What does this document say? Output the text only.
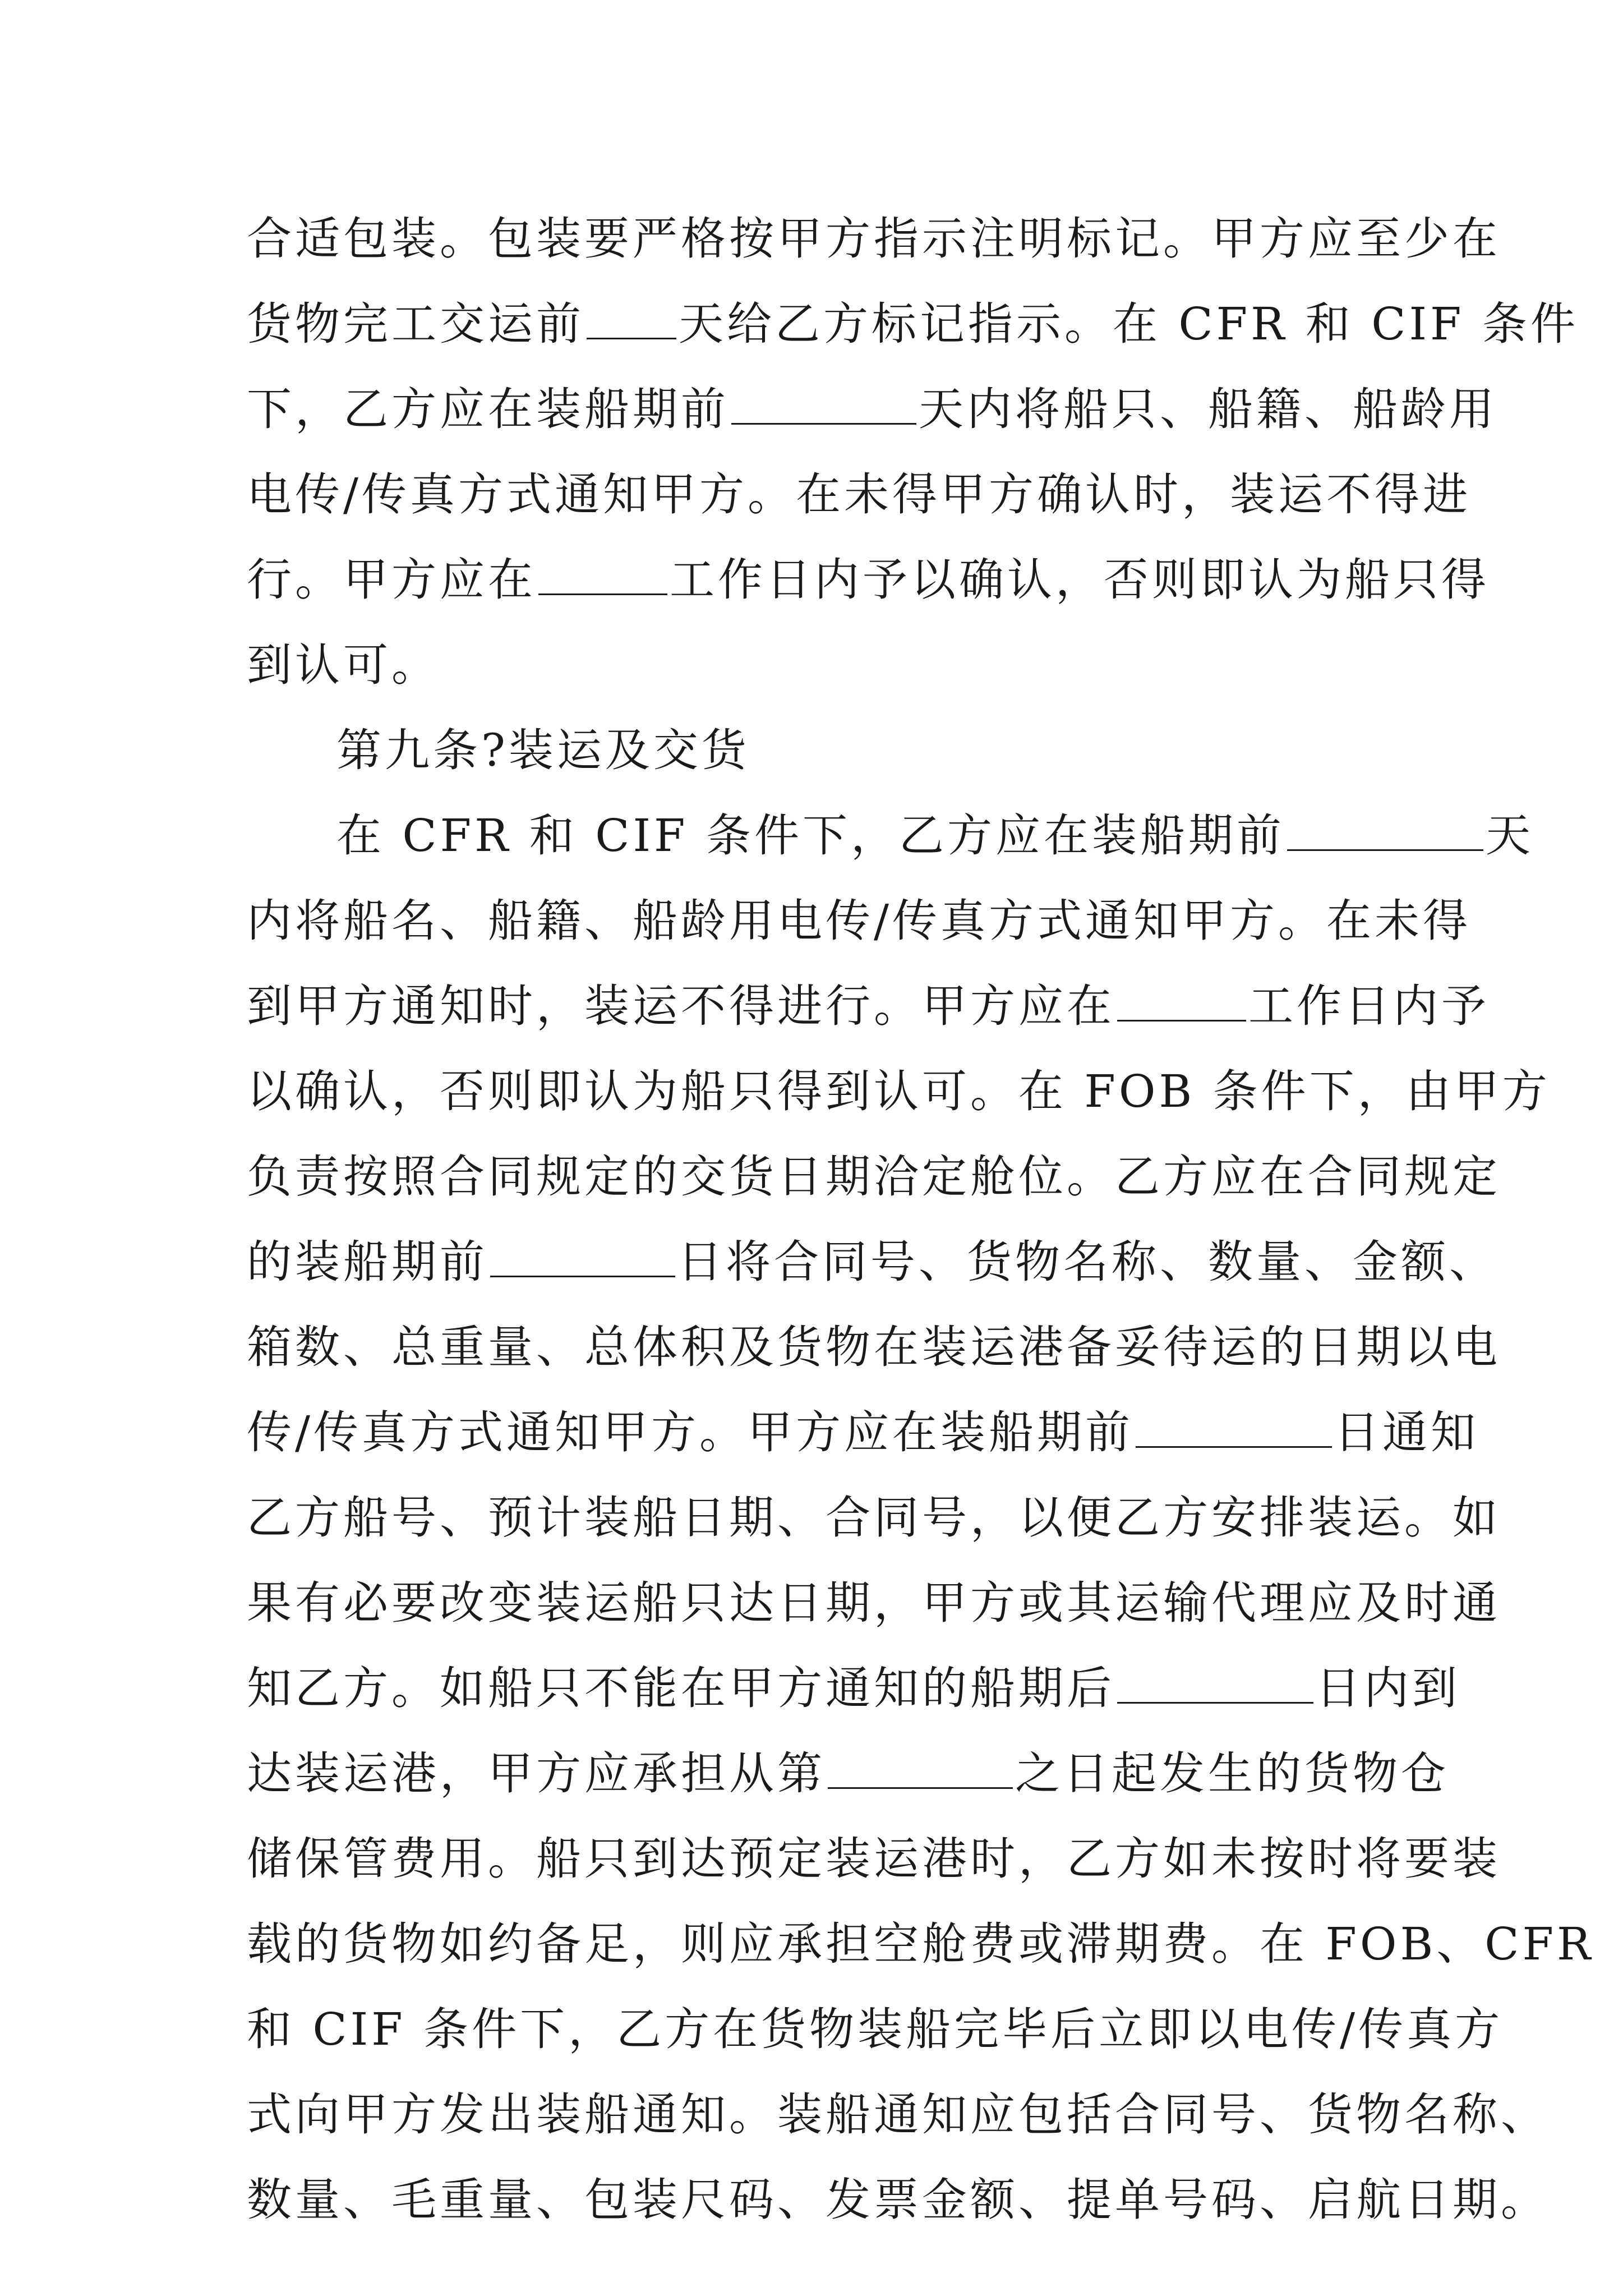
合适包装。包装要严格按甲方指示注明标记。甲方应至少在
货物完工交运前 天给乙方标记指示。在 CFR 和 CIF 条件
下，乙方应在装船期前	天内将船只、船籍、船龄用
电传/传真方式通知甲方。在未得甲方确认时，装运不得进
行。甲方应在	工作日内予以确认，否则即认为船只得
到认可。
第九条?装运及交货
在 CFR 和 CIF 条件下，乙方应在装船期前	天
内将船名、船籍、船龄用电传/传真方式通知甲方。在未得
到甲方通知时，装运不得进行。甲方应在	工作日内予
以确认，否则即认为船只得到认可。在 FOB 条件下，由甲方
负责按照合同规定的交货日期洽定舱位。乙方应在合同规定
的装船期前	日将合同号、货物名称、数量、金额、
箱数、总重量、总体积及货物在装运港备妥待运的日期以电
传/传真方式通知甲方。甲方应在装船期前	日通知
乙方船号、预计装船日期、合同号，以便乙方安排装运。如
果有必要改变装运船只达日期，甲方或其运输代理应及时通
知乙方。如船只不能在甲方通知的船期后	日内到
达装运港，甲方应承担从第	之日起发生的货物仓
储保管费用。船只到达预定装运港时，乙方如未按时将要装
载的货物如约备足，则应承担空舱费或滞期费。在 FOB、CFR
和 CIF 条件下，乙方在货物装船完毕后立即以电传/传真方
式向甲方发出装船通知。装船通知应包括合同号、货物名称、
数量、毛重量、包装尺码、发票金额、提单号码、启航日期。
